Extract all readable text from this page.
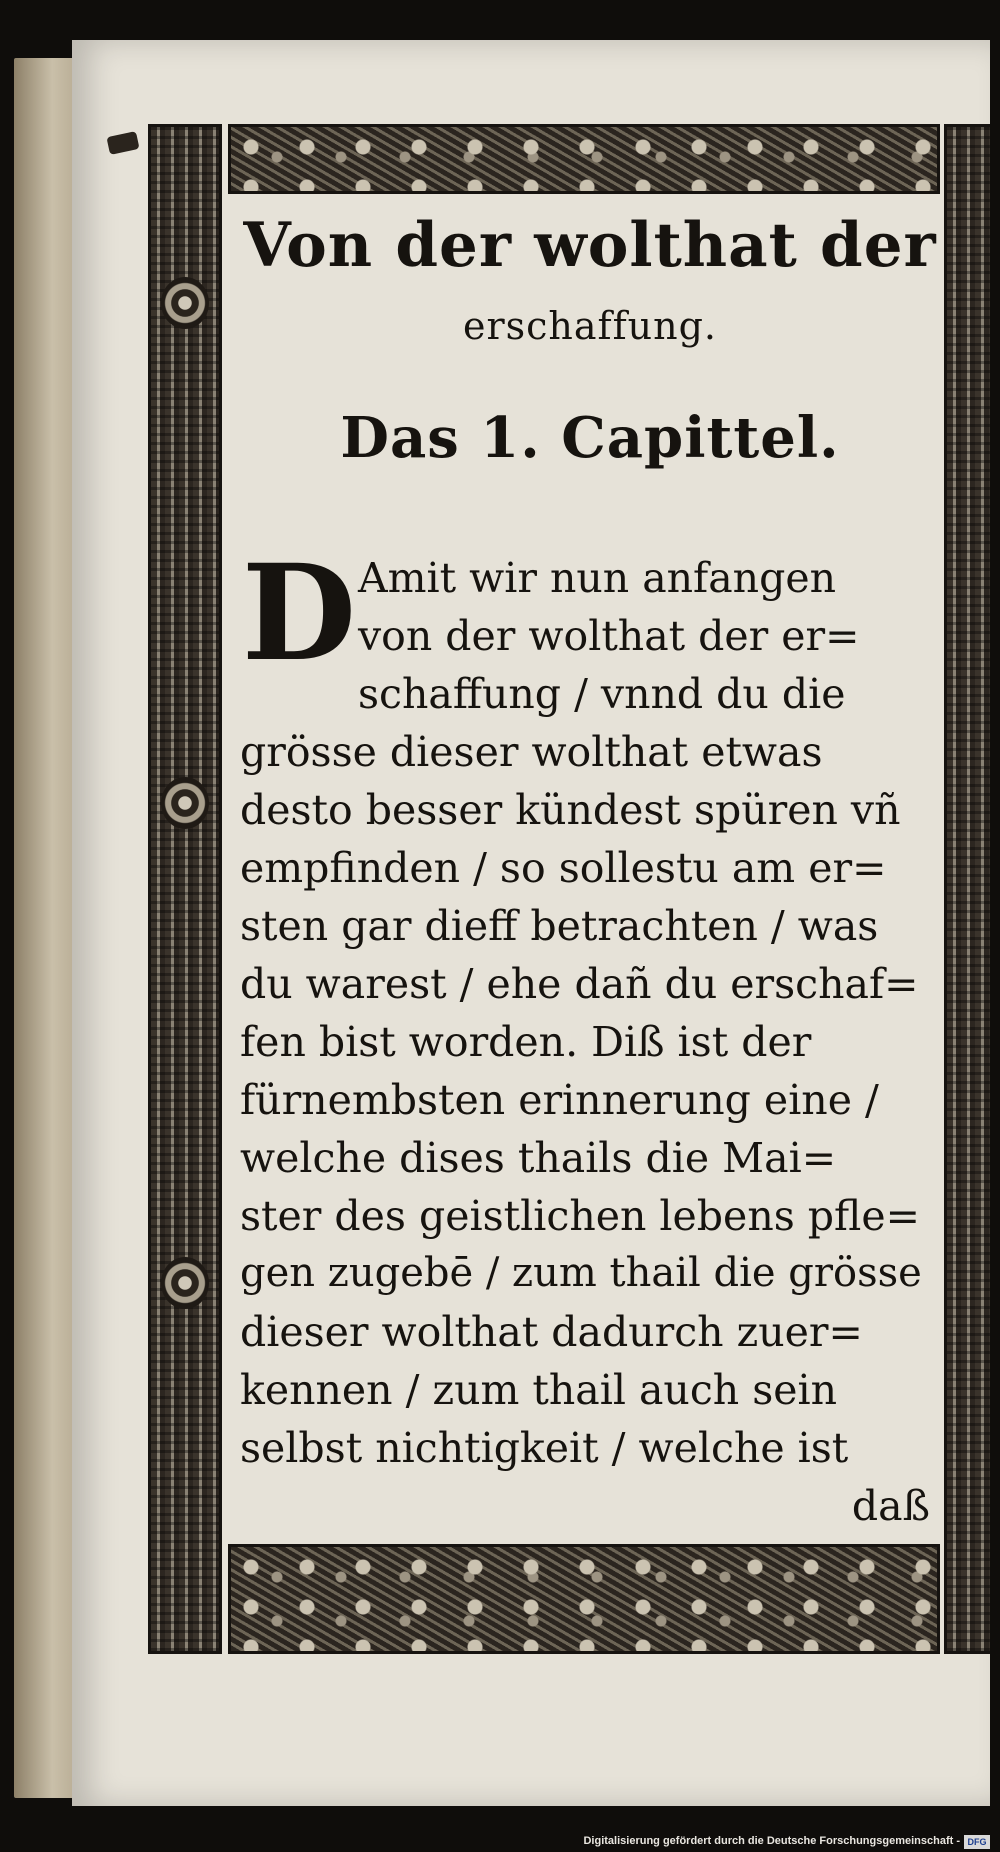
Von der wolthat der
erschaffung.
Das 1. Capittel.
D Amit wir nun anfangen
von der wolthat der er=
schaffung / vnnd du die
grösse dieser wolthat etwas
desto besser kündest spüren vñ
empfinden / so sollestu am er=
sten gar dieff betrachten / was
du warest / ehe dañ du erschaf=
fen bist worden. Diß ist der
fürnembsten erinnerung eine /
welche dises thails die Mai=
ster des geistlichen lebens pfle=
gen zugebē / zum thail die grösse
dieser wolthat dadurch zuer=
kennen / zum thail auch sein
selbst nichtigkeit / welche ist
daß
Digitalisierung gefördert durch die Deutsche Forschungsgemeinschaft - DFG
